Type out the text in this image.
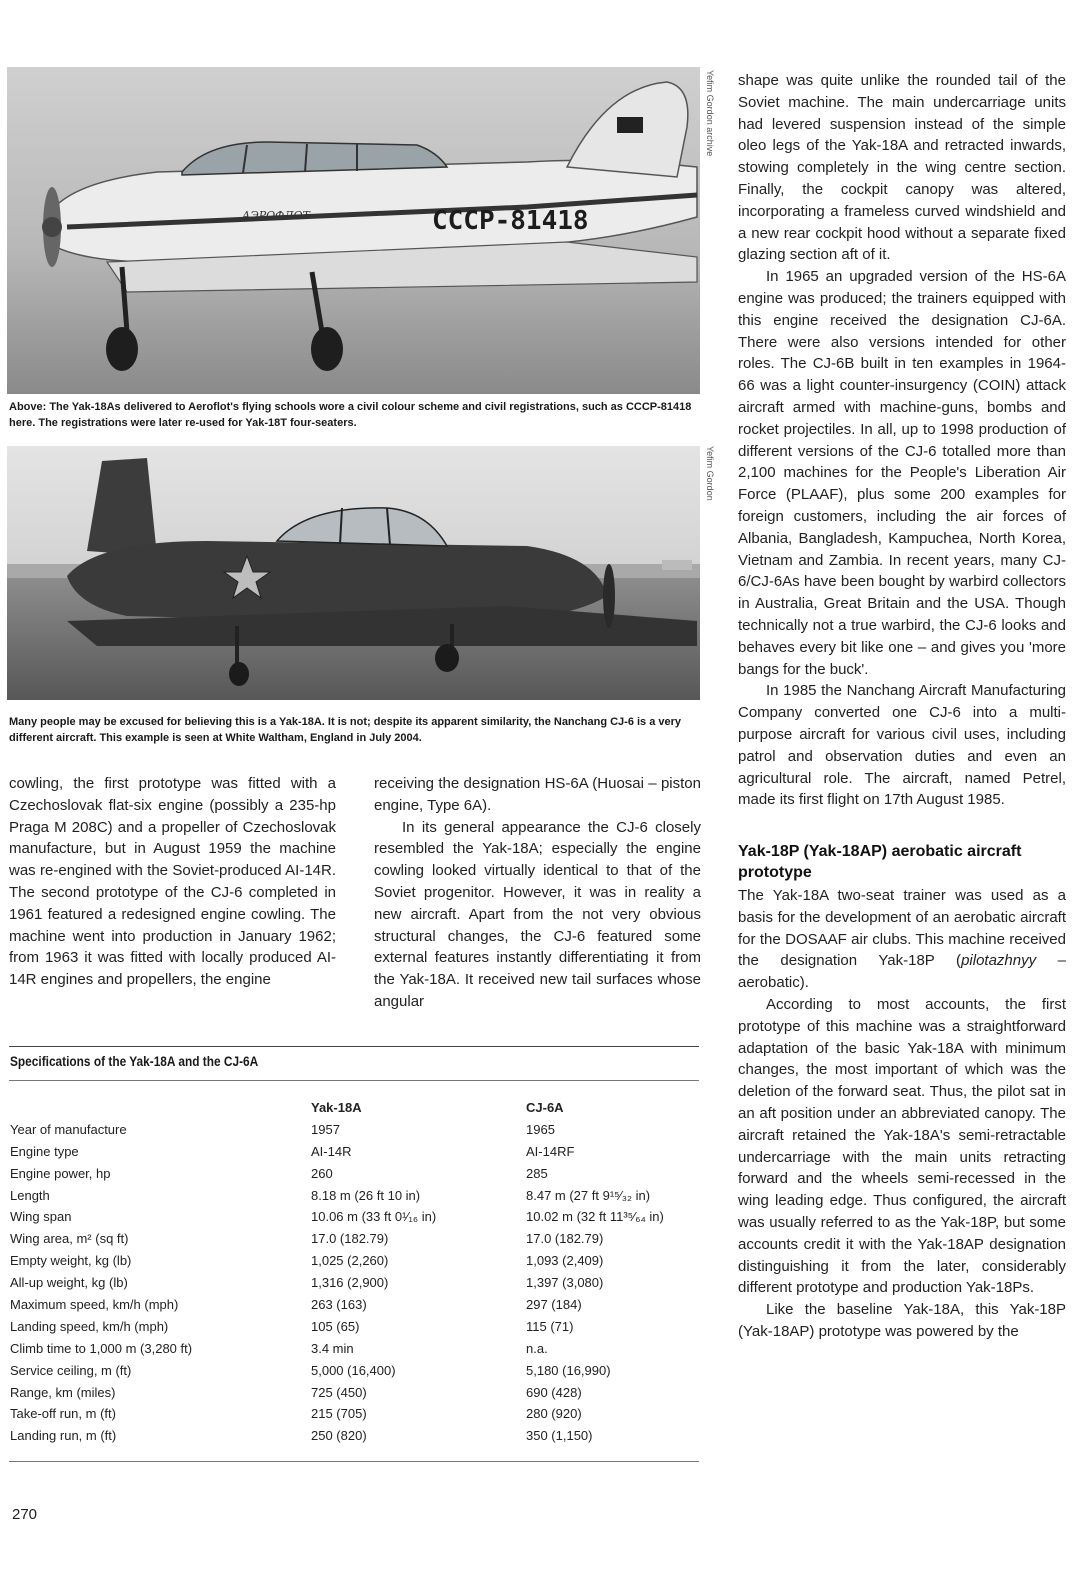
CCCP-81418
АЭРОФЛОТ
Yefim Gordon archive
Above: The Yak-18As delivered to Aeroflot's flying schools wore a civil colour scheme and civil registrations, such as CCCP-81418 here. The registrations were later re-used for Yak-18T four-seaters.
Yefim Gordon
Many people may be excused for believing this is a Yak-18A. It is not; despite its apparent similarity, the Nanchang CJ-6 is a very different aircraft. This example is seen at White Waltham, England in July 2004.

cowling, the first prototype was fitted with a Czechoslovak flat-six engine (possibly a 235-hp Praga M 208C) and a propeller of Czechoslovak manufacture, but in August 1959 the machine was re-engined with the Soviet-produced AI-14R. The second prototype of the CJ-6 completed in 1961 featured a redesigned engine cowling. The machine went into production in January 1962; from 1963 it was fitted with locally produced AI-14R engines and propellers, the engine

receiving the designation HS-6A (Huosai – piston engine, Type 6A).

In its general appearance the CJ-6 closely resembled the Yak-18A; especially the engine cowling looked virtually identical to that of the Soviet progenitor. However, it was in reality a new aircraft. Apart from the not very obvious structural changes, the CJ-6 featured some external features instantly differentiating it from the Yak-18A. It received new tail surfaces whose angular

shape was quite unlike the rounded tail of the Soviet machine. The main undercarriage units had levered suspension instead of the simple oleo legs of the Yak-18A and retracted inwards, stowing completely in the wing centre section. Finally, the cockpit canopy was altered, incorporating a frameless curved windshield and a new rear cockpit hood without a separate fixed glazing section aft of it.

In 1965 an upgraded version of the HS-6A engine was produced; the trainers equipped with this engine received the designation CJ-6A. There were also versions intended for other roles. The CJ-6B built in ten examples in 1964-66 was a light counter-insurgency (COIN) attack aircraft armed with machine-guns, bombs and rocket projectiles. In all, up to 1998 production of different versions of the CJ-6 totalled more than 2,100 machines for the People's Liberation Air Force (PLAAF), plus some 200 examples for foreign customers, including the air forces of Albania, Bangladesh, Kampuchea, North Korea, Vietnam and Zambia. In recent years, many CJ-6/CJ-6As have been bought by warbird collectors in Australia, Great Britain and the USA. Though technically not a true warbird, the CJ-6 looks and behaves every bit like one – and gives you 'more bangs for the buck'.

In 1985 the Nanchang Aircraft Manufacturing Company converted one CJ-6 into a multi-purpose aircraft for various civil uses, including patrol and observation duties and even an agricultural role. The aircraft, named Petrel, made its first flight on 17th August 1985.

Yak-18P (Yak-18AP) aerobatic aircraft prototype

The Yak-18A two-seat trainer was used as a basis for the development of an aerobatic aircraft for the DOSAAF air clubs. This machine received the designation Yak-18P (pilotazhnyy – aerobatic).

According to most accounts, the first prototype of this machine was a straightforward adaptation of the basic Yak-18A with minimum changes, the most important of which was the deletion of the forward seat. Thus, the pilot sat in an aft position under an abbreviated canopy. The aircraft retained the Yak-18A's semi-retractable undercarriage with the main units retracting forward and the wheels semi-recessed in the wing leading edge. Thus configured, the aircraft was usually referred to as the Yak-18P, but some accounts credit it with the Yak-18AP designation distinguishing it from the later, considerably different prototype and production Yak-18Ps.

Like the baseline Yak-18A, this Yak-18P (Yak-18AP) prototype was powered by the

Specifications of the Yak-18A and the CJ-6A
	Yak-18A	CJ-6A
Year of manufacture	1957	1965
Engine type	AI-14R	AI-14RF
Engine power, hp	260	285
Length	8.18 m (26 ft 10 in)	8.47 m (27 ft 9¹⁵⁄₃₂ in)
Wing span	10.06 m (33 ft 0¹⁄₁₆ in)	10.02 m (32 ft 11³⁵⁄₆₄ in)
Wing area, m² (sq ft)	17.0 (182.79)	17.0 (182.79)
Empty weight, kg (lb)	1,025 (2,260)	1,093 (2,409)
All-up weight, kg (lb)	1,316 (2,900)	1,397 (3,080)
Maximum speed, km/h (mph)	263 (163)	297 (184)
Landing speed, km/h (mph)	105 (65)	115 (71)
Climb time to 1,000 m (3,280 ft)	3.4 min	n.a.
Service ceiling, m (ft)	5,000 (16,400)	5,180 (16,990)
Range, km (miles)	725 (450)	690 (428)
Take-off run, m (ft)	215 (705)	280 (920)
Landing run, m (ft)	250 (820)	350 (1,150)
270
